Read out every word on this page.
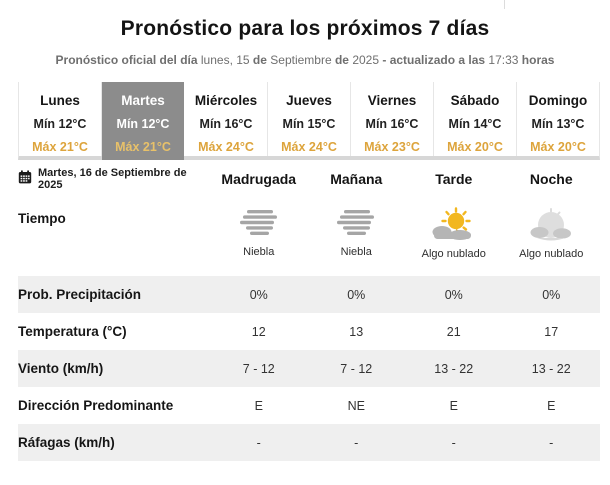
Pronóstico para los próximos 7 días

Pronóstico oficial del día lunes, 15 de Septiembre de 2025 - actualizado a las 17:33 horas

Lunes
Mín 12°C
Máx 21°C
Martes
Mín 12°C
Máx 21°C
Miércoles
Mín 16°C
Máx 24°C
Jueves
Mín 15°C
Máx 24°C
Viernes
Mín 16°C
Máx 23°C
Sábado
Mín 14°C
Máx 20°C
Domingo
Mín 13°C
Máx 20°C
Martes, 16 de Septiembre de 2025	Madrugada	Mañana	Tarde	Noche
Tiempo
Niebla	Niebla	Algo nublado	Algo nublado
Prob. Precipitación	0%	0%	0%	0%
Temperatura (°C)	12	13	21	17
Viento (km/h)	7 - 12	7 - 12	13 - 22	13 - 22
Dirección Predominante	E	NE	E	E
Ráfagas (km/h)	-	-	-	-
